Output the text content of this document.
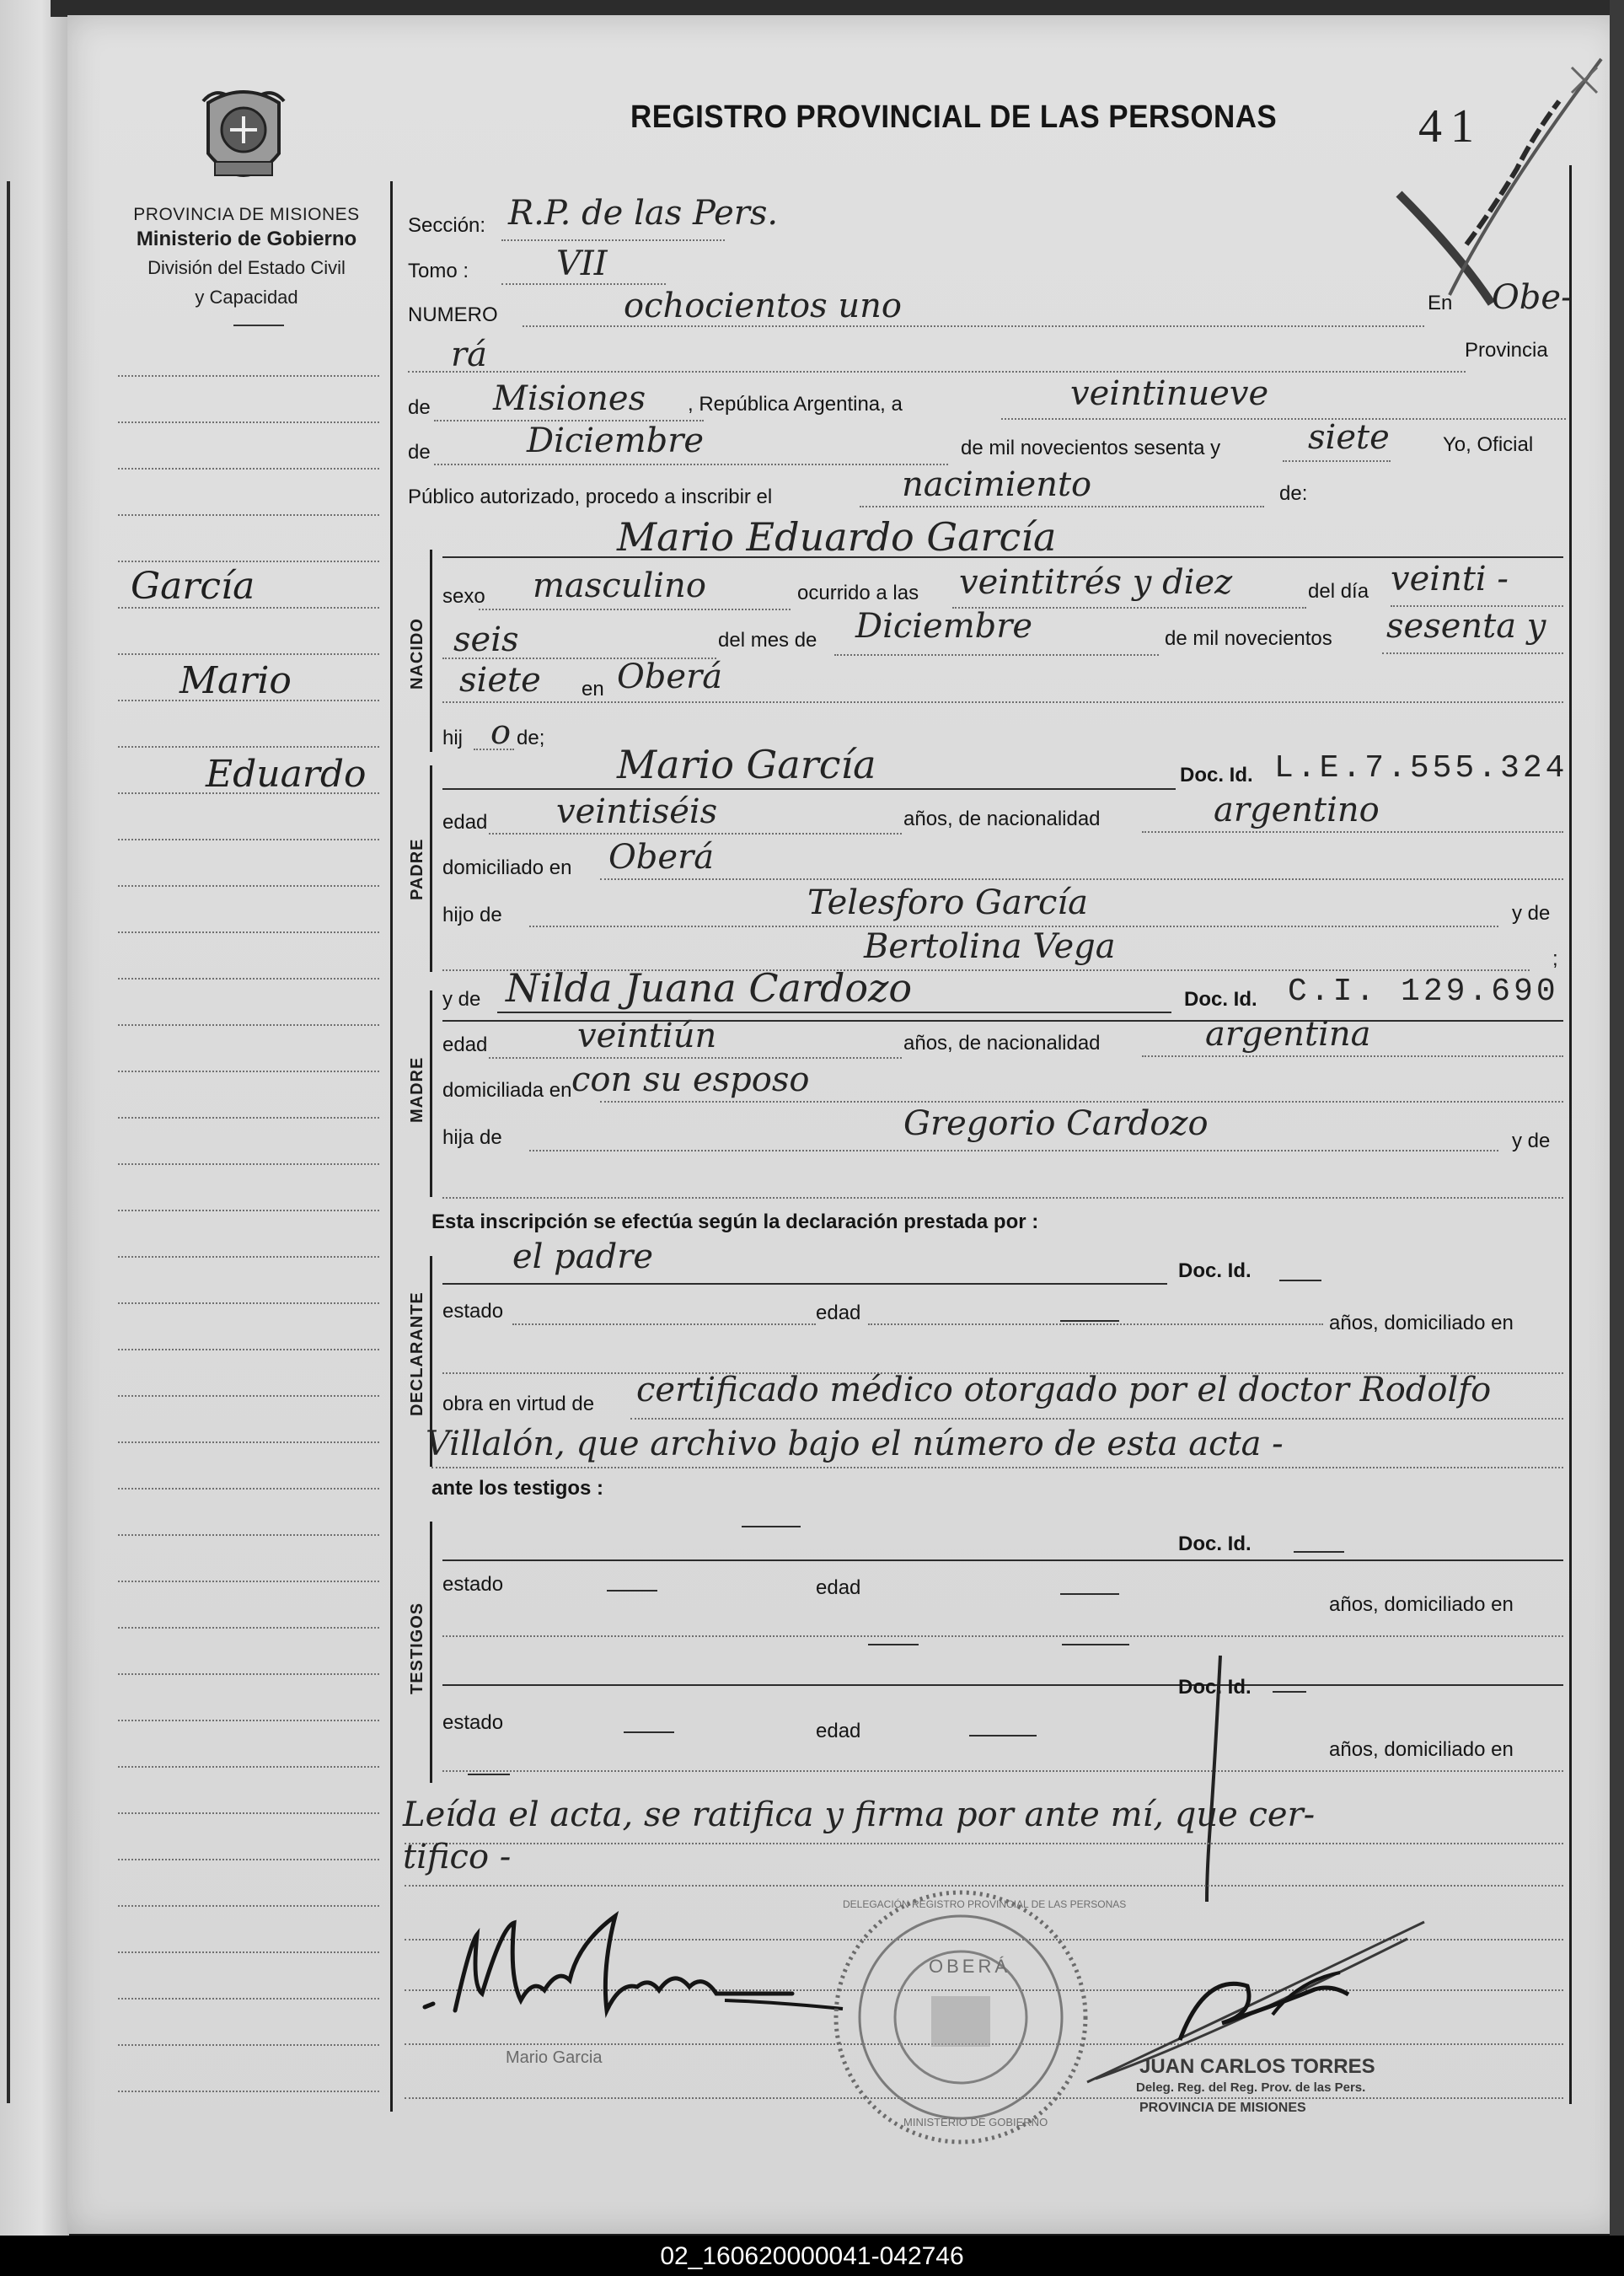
PROVINCIA DE MISIONES
Ministerio de Gobierno
División del Estado Civil
y Capacidad
REGISTRO PROVINCIAL DE LAS PERSONAS	41
García
Mario
Eduardo
Sección: R.P. de las Pers.
Tomo :	VII
NUMERO	ochocientos uno	En Obe-
rá	Provincia
de Misiones , República Argentina, a	veintinueve
de	Diciembre	de mil novecientos sesenta y	siete	Yo, Oficial
Público autorizado, procedo a inscribir el	nacimiento	de:
NACIDO
Mario Eduardo García
sexo masculino	ocurrido a las veintitrés y diez	del día veinti -
seis	del mes de Diciembre	de mil novecientos sesenta y
siete en Oberá
hij o de;
PADRE
Mario García	Doc. Id. L.E.7.555.324
edad veintiséis	años, de nacionalidad	argentino
domiciliado en Oberá
hijo de	Telesforo García	y de
Bertolina Vega	;
MADRE
y de Nilda Juana Cardozo	Doc. Id. C.I. 129.690
edad	veintiún	años, de nacionalidad	argentina
domiciliada en con su esposo
hija de	Gregorio Cardozo	y de
Esta inscripción se efectúa según la declaración prestada por :
DECLARANTE
el padre	Doc. Id.
estado	edad	años, domiciliado en
obra en virtud de certificado médico otorgado por el doctor Rodolfo
Villalón, que archivo bajo el número de esta acta -
ante los testigos :
TESTIGOS
Doc. Id.
estado	edad
años, domiciliado en
Doc. Id.
estado	edad
años, domiciliado en
Leída el acta, se ratifica y firma por ante mí, que cer-
tifico -
Mario Garcia
OBERÁ
DELEGACIÓN REGISTRO PROVINCIAL DE LAS PERSONAS
MINISTERIO DE GOBIERNO
JUAN CARLOS TORRES
Deleg. Reg. del Reg. Prov. de las Pers.
PROVINCIA DE MISIONES
02_160620000041-042746
